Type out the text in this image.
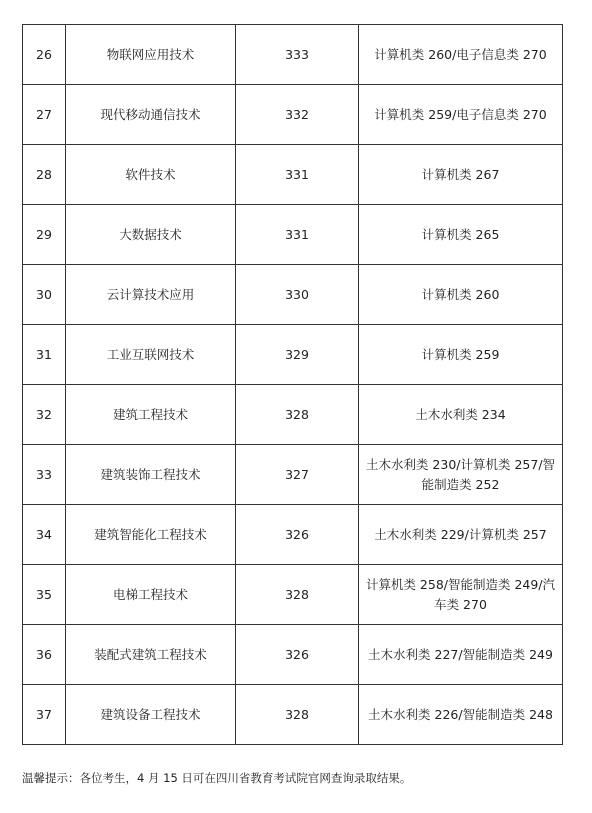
26	物联网应用技术	333	计算机类 260/电子信息类 270
27	现代移动通信技术	332	计算机类 259/电子信息类 270
28	软件技术	331	计算机类 267
29	大数据技术	331	计算机类 265
30	云计算技术应用	330	计算机类 260
31	工业互联网技术	329	计算机类 259
32	建筑工程技术	328	土木水利类 234
33	建筑装饰工程技术	327	土木水利类 230/计算机类 257/智能制造类 252
34	建筑智能化工程技术	326	土木水利类 229/计算机类 257
35	电梯工程技术	328	计算机类 258/智能制造类 249/汽车类 270
36	装配式建筑工程技术	326	土木水利类 227/智能制造类 249
37	建筑设备工程技术	328	土木水利类 226/智能制造类 248
温馨提示：各位考生，4 月 15 日可在四川省教育考试院官网查询录取结果。
